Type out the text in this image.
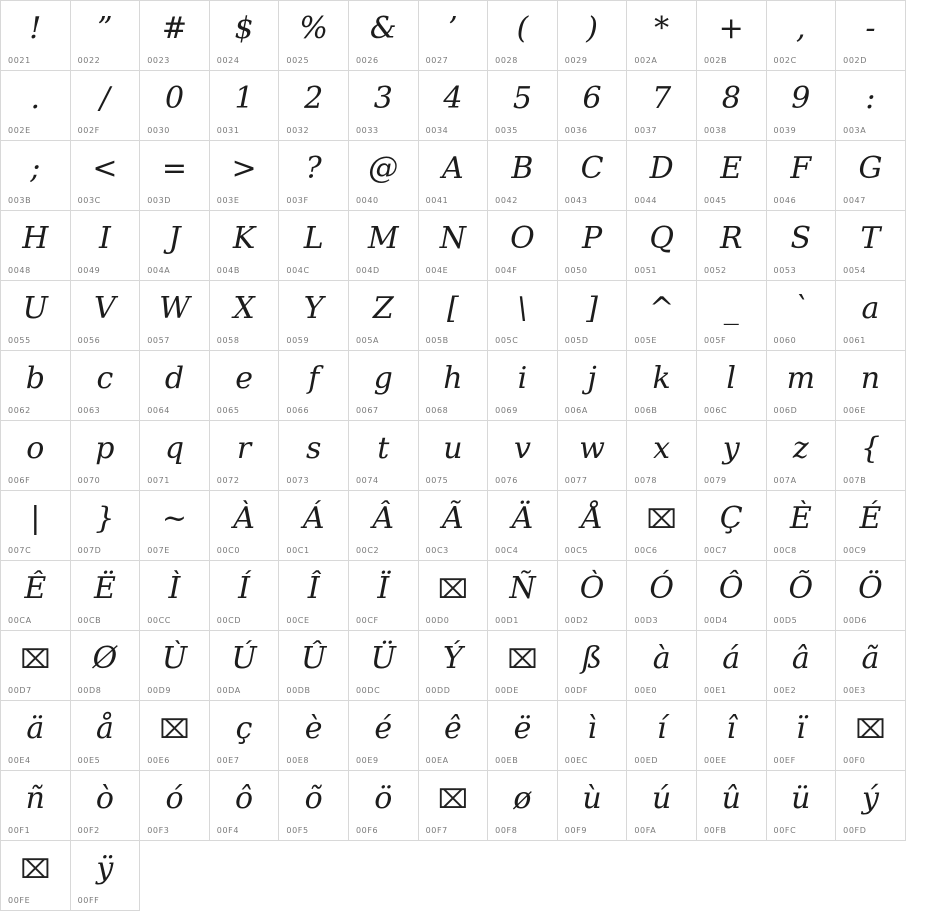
!
0021
”
0022
#
0023
$
0024
%
0025
&
0026
’
0027
(
0028
)
0029
*
002A
+
002B
,
002C
-
002D
.
002E
/
002F
0
0030
1
0031
2
0032
3
0033
4
0034
5
0035
6
0036
7
0037
8
0038
9
0039
:
003A
;
003B
<
003C
=
003D
>
003E
?
003F
@
0040
A
0041
B
0042
C
0043
D
0044
E
0045
F
0046
G
0047
H
0048
I
0049
J
004A
K
004B
L
004C
M
004D
N
004E
O
004F
P
0050
Q
0051
R
0052
S
0053
T
0054
U
0055
V
0056
W
0057
X
0058
Y
0059
Z
005A
[
005B
\
005C
]
005D
^
005E
_
005F
`
0060
a
0061
b
0062
c
0063
d
0064
e
0065
f
0066
g
0067
h
0068
i
0069
j
006A
k
006B
l
006C
m
006D
n
006E
o
006F
p
0070
q
0071
r
0072
s
0073
t
0074
u
0075
v
0076
w
0077
x
0078
y
0079
z
007A
{
007B
|
007C
}
007D
~
007E
À
00C0
Á
00C1
Â
00C2
Ã
00C3
Ä
00C4
Å
00C5
⌧
00C6
Ç
00C7
È
00C8
É
00C9
Ê
00CA
Ë
00CB
Ì
00CC
Í
00CD
Î
00CE
Ï
00CF
⌧
00D0
Ñ
00D1
Ò
00D2
Ó
00D3
Ô
00D4
Õ
00D5
Ö
00D6
⌧
00D7
Ø
00D8
Ù
00D9
Ú
00DA
Û
00DB
Ü
00DC
Ý
00DD
⌧
00DE
ß
00DF
à
00E0
á
00E1
â
00E2
ã
00E3
ä
00E4
å
00E5
⌧
00E6
ç
00E7
è
00E8
é
00E9
ê
00EA
ë
00EB
ì
00EC
í
00ED
î
00EE
ï
00EF
⌧
00F0
ñ
00F1
ò
00F2
ó
00F3
ô
00F4
õ
00F5
ö
00F6
⌧
00F7
ø
00F8
ù
00F9
ú
00FA
û
00FB
ü
00FC
ý
00FD
⌧
00FE
ÿ
00FF
